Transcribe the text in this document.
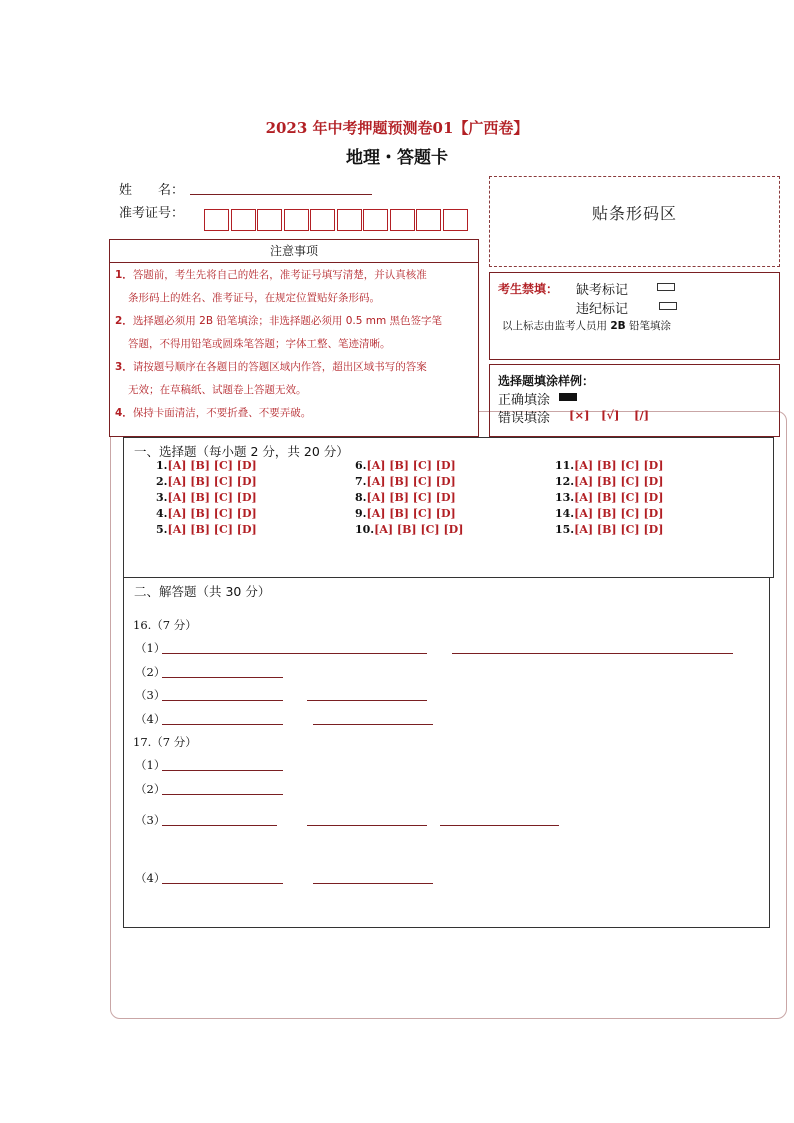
2023 年中考押题预测卷01【广西卷】
地理・答题卡
姓　　名：
准考证号：	贴条形码区
注意事项
1．答题前，考生先将自己的姓名，准考证号填写清楚，并认真核准
条形码上的姓名、准考证号，在规定位置贴好条形码。
2．选择题必须用 2B 铅笔填涂；非选择题必须用 0.5 mm 黑色签字笔
答题，不得用铅笔或圆珠笔答题；字体工整、笔迹清晰。
3．请按题号顺序在各题目的答题区域内作答，超出区域书写的答案
无效；在草稿纸、试题卷上答题无效。
4．保持卡面清洁，不要折叠、不要弄破。
考生禁填： 缺考标记
违纪标记
以上标志由监考人员用 2B 铅笔填涂
选择题填涂样例：
正确填涂
错误填涂 [×] [√] [/]
一、选择题（每小题 2 分，共 20 分）
1.[A] [B] [C] [D]
2.[A] [B] [C] [D]
3.[A] [B] [C] [D]
4.[A] [B] [C] [D]
5.[A] [B] [C] [D]
6.[A] [B] [C] [D]
7.[A] [B] [C] [D]
8.[A] [B] [C] [D]
9.[A] [B] [C] [D]
10.[A] [B] [C] [D]
11.[A] [B] [C] [D]
12.[A] [B] [C] [D]
13.[A] [B] [C] [D]
14.[A] [B] [C] [D]
15.[A] [B] [C] [D]
二、解答题（共 30 分）
16.（7 分）
（1）
（2）
（3）
（4）
17.（7 分）
（1）
（2）
（3）
（4）
